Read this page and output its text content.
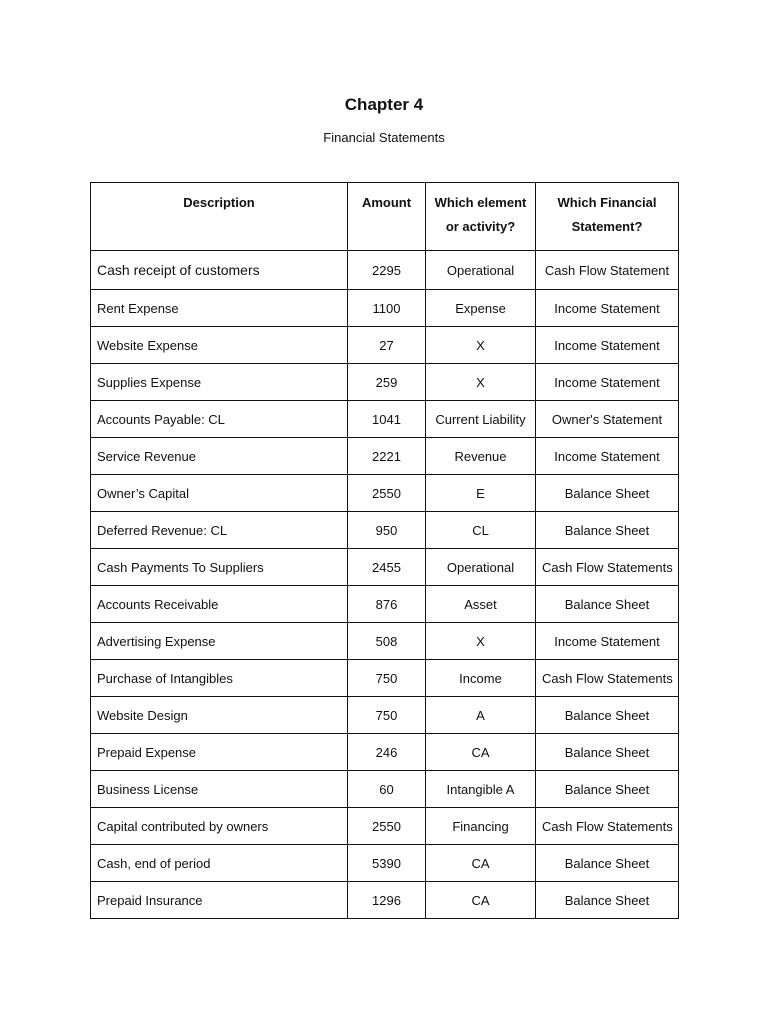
Chapter 4
Financial Statements
Description	Amount	Which element or activity?	Which Financial Statement?
Cash receipt of customers	2295	Operational	Cash Flow Statement
Rent Expense	1100	Expense	Income Statement
Website Expense	27	X	Income Statement
Supplies Expense	259	X	Income Statement
Accounts Payable: CL	1041	Current Liability	Owner's Statement
Service Revenue	2221	Revenue	Income Statement
Owner’s Capital	2550	E	Balance Sheet
Deferred Revenue: CL	950	CL	Balance Sheet
Cash Payments To Suppliers	2455	Operational	Cash Flow Statements
Accounts Receivable	876	Asset	Balance Sheet
Advertising Expense	508	X	Income Statement
Purchase of Intangibles	750	Income	Cash Flow Statements
Website Design	750	A	Balance Sheet
Prepaid Expense	246	CA	Balance Sheet
Business License	60	Intangible A	Balance Sheet
Capital contributed by owners	2550	Financing	Cash Flow Statements
Cash, end of period	5390	CA	Balance Sheet
Prepaid Insurance	1296	CA	Balance Sheet
